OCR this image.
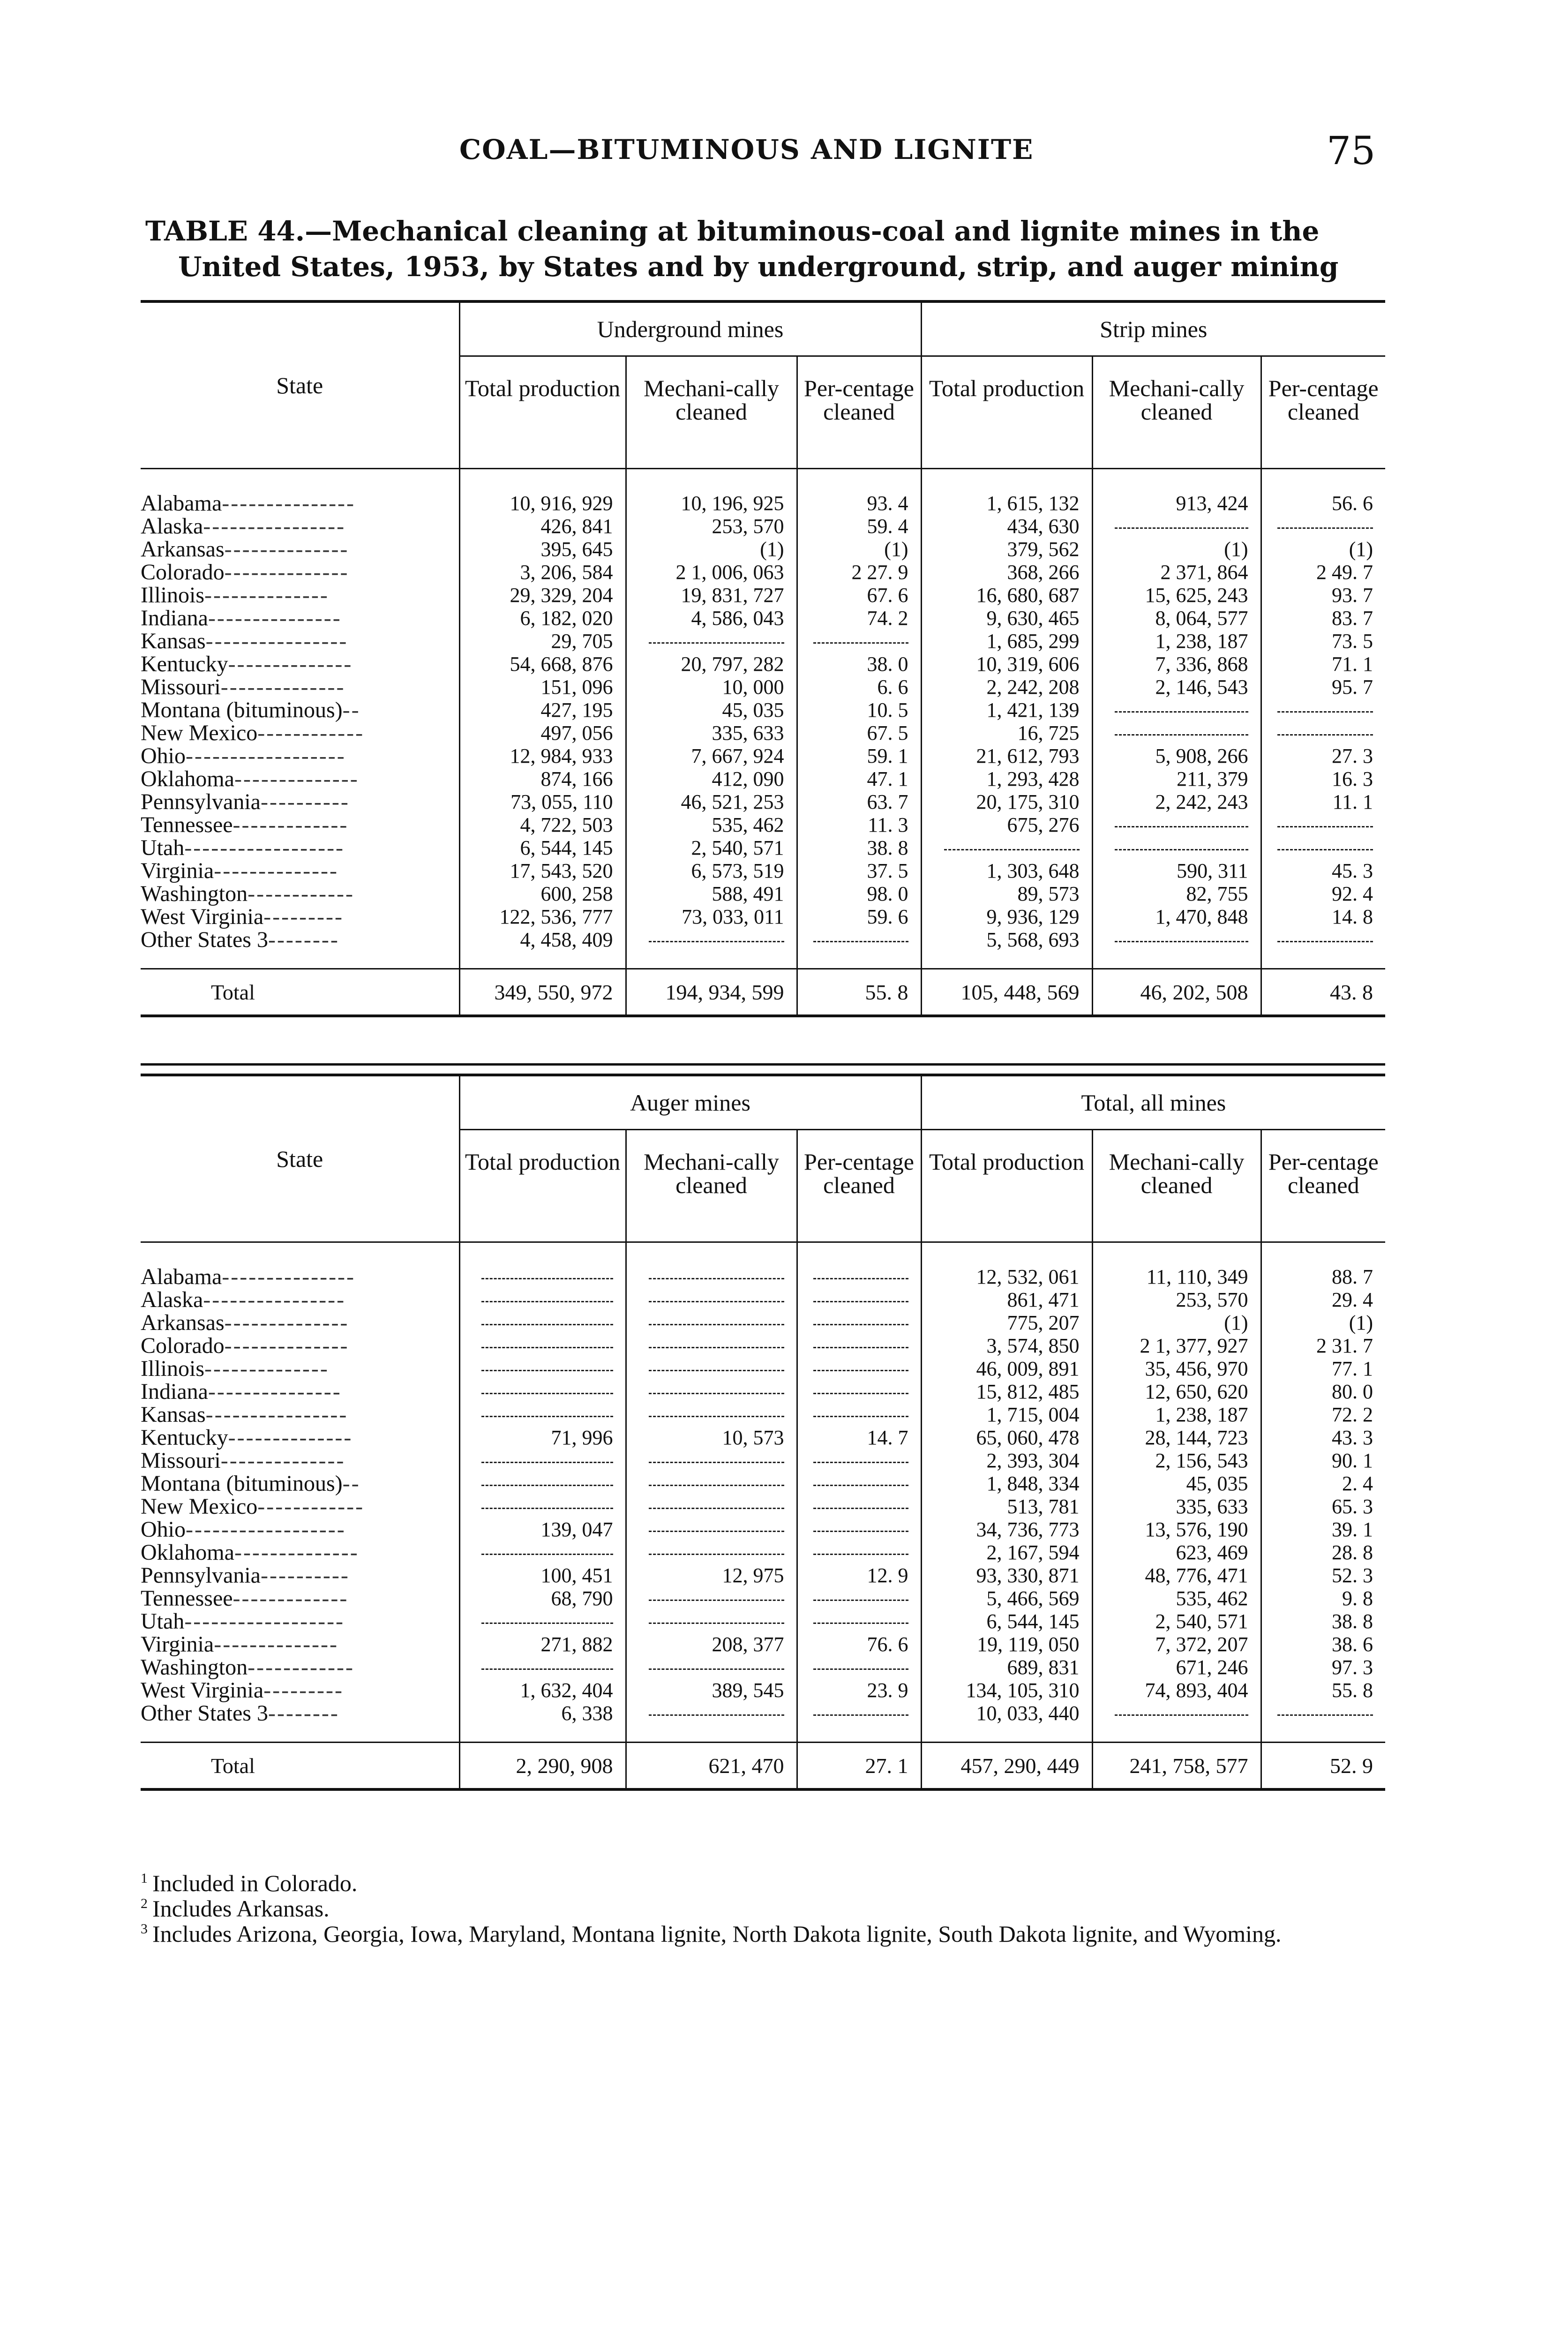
COAL—BITUMINOUS AND LIGNITE	75
TABLE 44.—Mechanical cleaning at bituminous-coal and lignite mines in the
United States, 1953, by States and by underground, strip, and auger mining
State	Underground mines			Strip mines		
	Total production	Mechani-cally cleaned	Per-centage cleaned	Total production	Mechani-cally cleaned	Per-centage cleaned
Alabama---------------	10, 916, 929	10, 196, 925	93. 4	1, 615, 132	913, 424	56. 6
Alaska----------------	426, 841	253, 570	59. 4	434, 630		
Arkansas--------------	395, 645	(1)	(1)	379, 562	(1)	(1)
Colorado--------------	3, 206, 584	2 1, 006, 063	2 27. 9	368, 266	2 371, 864	2 49. 7
Illinois--------------	29, 329, 204	19, 831, 727	67. 6	16, 680, 687	15, 625, 243	93. 7
Indiana---------------	6, 182, 020	4, 586, 043	74. 2	9, 630, 465	8, 064, 577	83. 7
Kansas----------------	29, 705			1, 685, 299	1, 238, 187	73. 5
Kentucky--------------	54, 668, 876	20, 797, 282	38. 0	10, 319, 606	7, 336, 868	71. 1
Missouri--------------	151, 096	10, 000	6. 6	2, 242, 208	2, 146, 543	95. 7
Montana (bituminous)--	427, 195	45, 035	10. 5	1, 421, 139		
New Mexico------------	497, 056	335, 633	67. 5	16, 725		
Ohio------------------	12, 984, 933	7, 667, 924	59. 1	21, 612, 793	5, 908, 266	27. 3
Oklahoma--------------	874, 166	412, 090	47. 1	1, 293, 428	211, 379	16. 3
Pennsylvania----------	73, 055, 110	46, 521, 253	63. 7	20, 175, 310	2, 242, 243	11. 1
Tennessee-------------	4, 722, 503	535, 462	11. 3	675, 276		
Utah------------------	6, 544, 145	2, 540, 571	38. 8			
Virginia--------------	17, 543, 520	6, 573, 519	37. 5	1, 303, 648	590, 311	45. 3
Washington------------	600, 258	588, 491	98. 0	89, 573	82, 755	92. 4
West Virginia---------	122, 536, 777	73, 033, 011	59. 6	9, 936, 129	1, 470, 848	14. 8
Other States 3--------	4, 458, 409			5, 568, 693		
Total	349, 550, 972	194, 934, 599	55. 8	105, 448, 569	46, 202, 508	43. 8
State	Auger mines			Total, all mines		
	Total production	Mechani-cally cleaned	Per-centage cleaned	Total production	Mechani-cally cleaned	Per-centage cleaned
Alabama---------------				12, 532, 061	11, 110, 349	88. 7
Alaska----------------				861, 471	253, 570	29. 4
Arkansas--------------				775, 207	(1)	(1)
Colorado--------------				3, 574, 850	2 1, 377, 927	2 31. 7
Illinois--------------				46, 009, 891	35, 456, 970	77. 1
Indiana---------------				15, 812, 485	12, 650, 620	80. 0
Kansas----------------				1, 715, 004	1, 238, 187	72. 2
Kentucky--------------	71, 996	10, 573	14. 7	65, 060, 478	28, 144, 723	43. 3
Missouri--------------				2, 393, 304	2, 156, 543	90. 1
Montana (bituminous)--				1, 848, 334	45, 035	2. 4
New Mexico------------				513, 781	335, 633	65. 3
Ohio------------------	139, 047			34, 736, 773	13, 576, 190	39. 1
Oklahoma--------------				2, 167, 594	623, 469	28. 8
Pennsylvania----------	100, 451	12, 975	12. 9	93, 330, 871	48, 776, 471	52. 3
Tennessee-------------	68, 790			5, 466, 569	535, 462	9. 8
Utah------------------				6, 544, 145	2, 540, 571	38. 8
Virginia--------------	271, 882	208, 377	76. 6	19, 119, 050	7, 372, 207	38. 6
Washington------------				689, 831	671, 246	97. 3
West Virginia---------	1, 632, 404	389, 545	23. 9	134, 105, 310	74, 893, 404	55. 8
Other States 3--------	6, 338			10, 033, 440		
Total	2, 290, 908	621, 470	27. 1	457, 290, 449	241, 758, 577	52. 9
$^1$ Included in Colorado.
$^2$ Includes Arkansas.
$^3$ Includes Arizona, Georgia, Iowa, Maryland, Montana lignite, North Dakota lignite, South Dakota lignite, and Wyoming.
